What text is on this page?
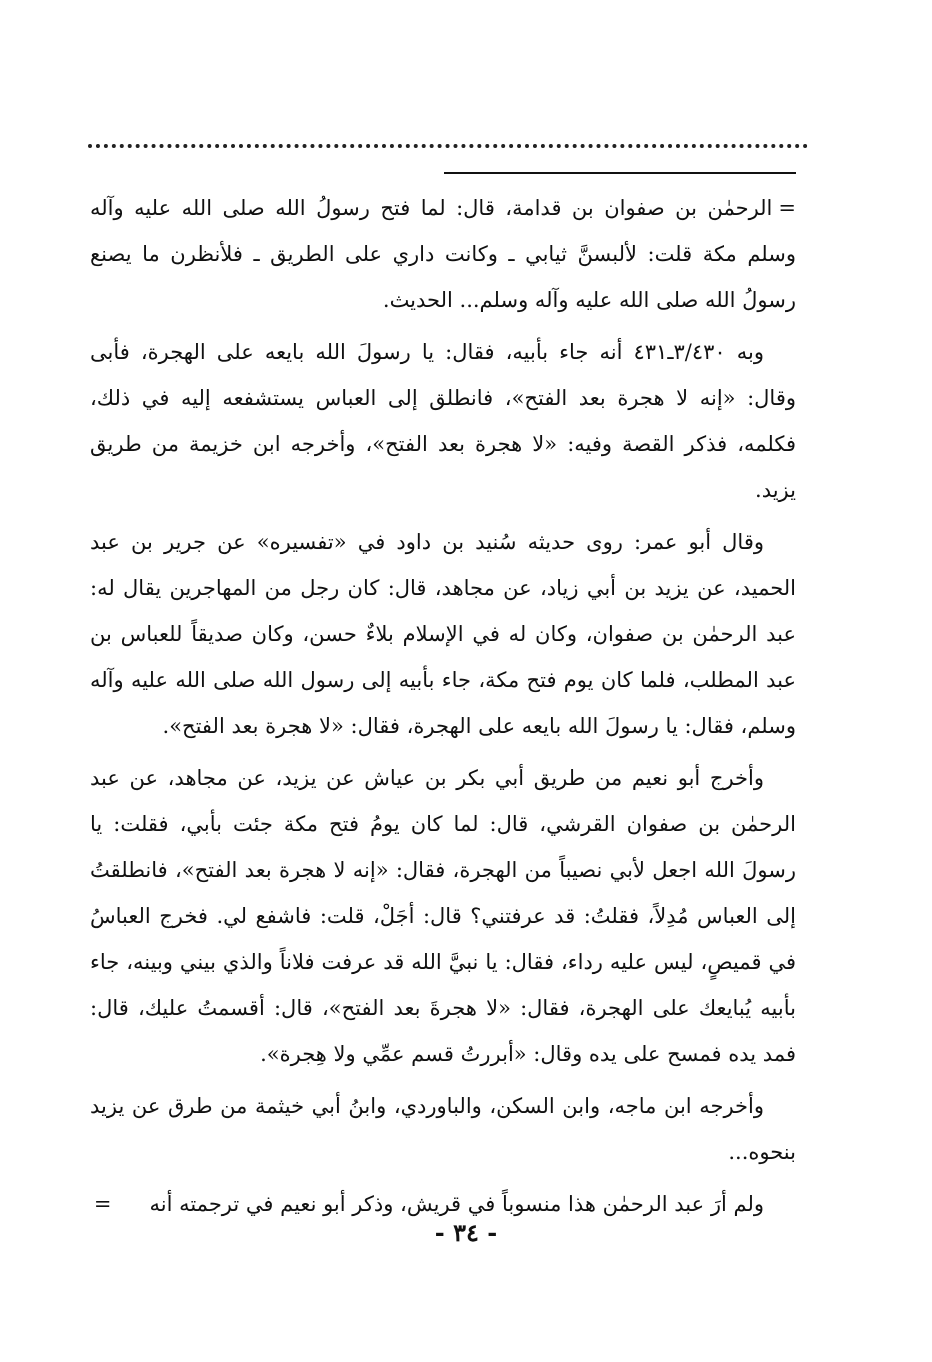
=الرحمٰن بن صفوان بن قدامة، قال: لما فتح رسولُ الله صلى الله عليه وآله وسلم مكة قلت: لألبسنَّ ثيابي ـ وكانت داري على الطريق ـ فلأنظرن ما يصنع رسولُ الله صلى الله عليه وآله وسلم... الحديث.

وبه ٣/٤٣٠ـ٤٣١ أنه جاء بأبيه، فقال: يا رسولَ الله بايعه على الهجرة، فأبى وقال: «إنه لا هجرة بعد الفتح»، فانطلق إلى العباس يستشفعه إليه في ذلك، فكلمه، فذكر القصة وفيه: «لا هجرة بعد الفتح»، وأخرجه ابن خزيمة من طريق يزيد.

وقال أبو عمر: روى حديثه سُنيد بن داود في «تفسيره» عن جرير بن عبد الحميد، عن يزيد بن أبي زياد، عن مجاهد، قال: كان رجل من المهاجرين يقال له: عبد الرحمٰن بن صفوان، وكان له في الإسلام بلاءٌ حسن، وكان صديقاً للعباس بن عبد المطلب، فلما كان يوم فتح مكة، جاء بأبيه إلى رسول الله صلى الله عليه وآله وسلم، فقال: يا رسولَ الله بايعه على الهجرة، فقال: «لا هجرة بعد الفتح».

وأخرج أبو نعيم من طريق أبي بكر بن عياش عن يزيد، عن مجاهد، عن عبد الرحمٰن بن صفوان القرشي، قال: لما كان يومُ فتح مكة جئت بأبي، فقلت: يا رسولَ الله اجعل لأبي نصيباً من الهجرة، فقال: «إنه لا هجرة بعد الفتح»، فانطلقتُ إلى العباس مُدِلاً، فقلتُ: قد عرفتني؟ قال: أجَلْ، قلت: فاشفع لي. فخرج العباسُ في قميصٍ، ليس عليه رداء، فقال: يا نبيَّ الله قد عرفت فلاناً والذي بيني وبينه، جاء بأبيه يُبايعك على الهجرة، فقال: «لا هجرةَ بعد الفتح»، قال: أقسمتُ عليك، قال: فمد يده فمسح على يده وقال: «أبررتُ قسم عمِّي ولا هِجرة».

وأخرجه ابن ماجه، وابن السكن، والباوردي، وابنُ أبي خيثمة من طرق عن يزيد بنحوه...

ولم أرَ عبد الرحمٰن هذا منسوباً في قريش، وذكر أبو نعيم في ترجمته أنه=

- ٣٤ -
